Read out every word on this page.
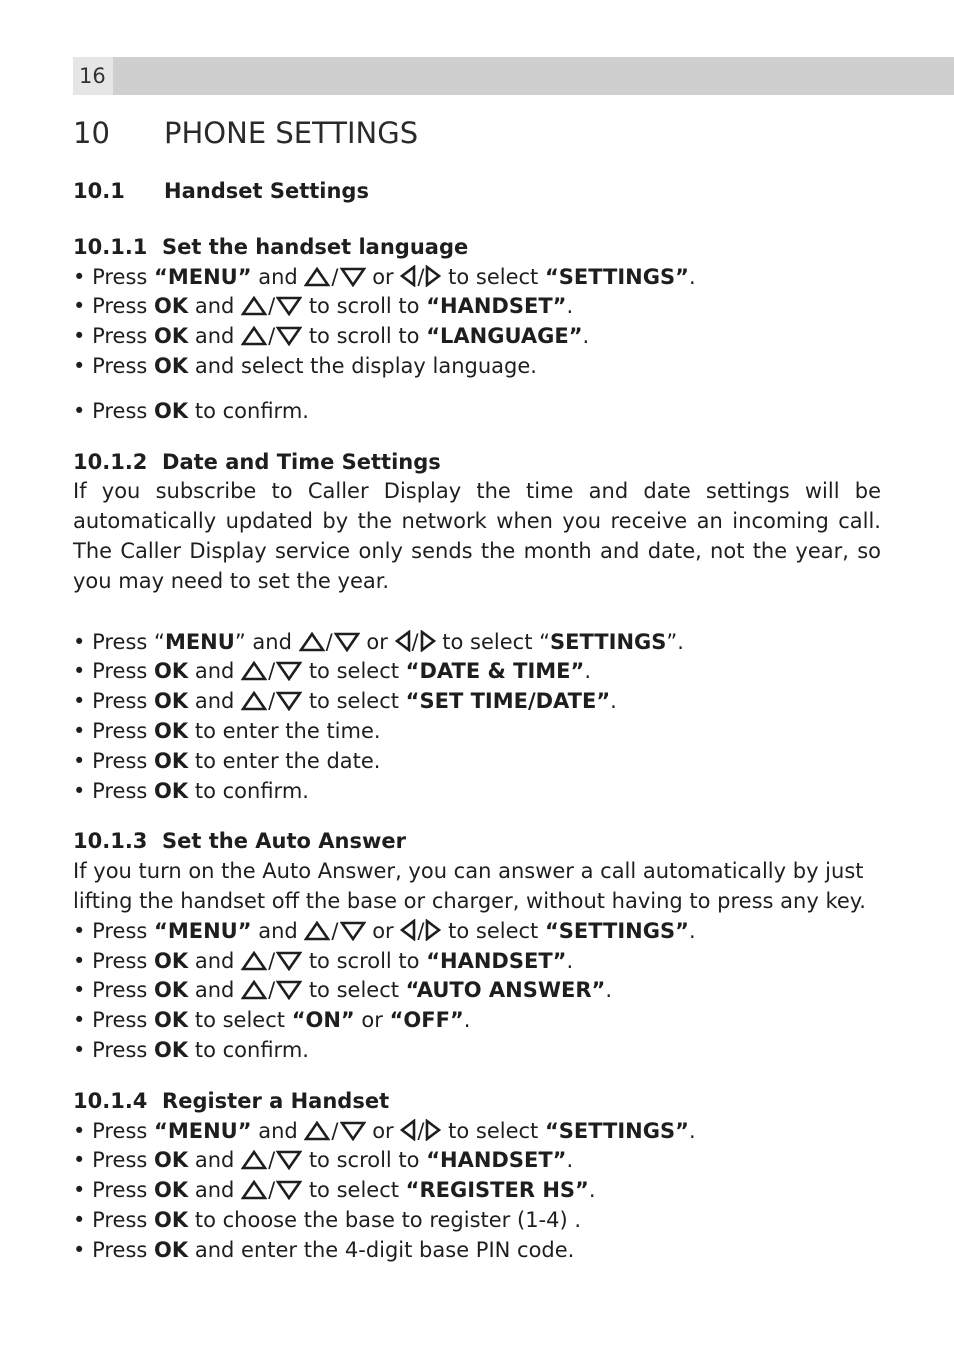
16
10 PHONE SETTINGS
10.1 Handset Settings
10.1.1 Set the handset language
• Press “MENU” and / or / to select “SETTINGS”.
• Press OK and / to scroll to “HANDSET”.
• Press OK and / to scroll to “LANGUAGE”.
• Press OK and select the display language.
• Press OK to confirm.
10.1.2 Date and Time Settings
If you subscribe to Caller Display the time and date settings will be automatically updated by the network when you receive an incoming call. The Caller Display service only sends the month and date, not the year, so you may need to set the year.
• Press “MENU” and / or / to select “SETTINGS”.
• Press OK and / to select “DATE & TIME”.
• Press OK and / to select “SET TIME/DATE”.
• Press OK to enter the time.
• Press OK to enter the date.
• Press OK to confirm.
10.1.3 Set the Auto Answer
If you turn on the Auto Answer, you can answer a call automatically by just
lifting the handset off the base or charger, without having to press any key.
• Press “MENU” and / or / to select “SETTINGS”.
• Press OK and / to scroll to “HANDSET”.
• Press OK and / to select “AUTO ANSWER”.
• Press OK to select “ON” or “OFF”.
• Press OK to confirm.
10.1.4 Register a Handset
• Press “MENU” and / or / to select “SETTINGS”.
• Press OK and / to scroll to “HANDSET”.
• Press OK and / to select “REGISTER HS”.
• Press OK to choose the base to register (1-4) .
• Press OK and enter the 4-digit base PIN code.
